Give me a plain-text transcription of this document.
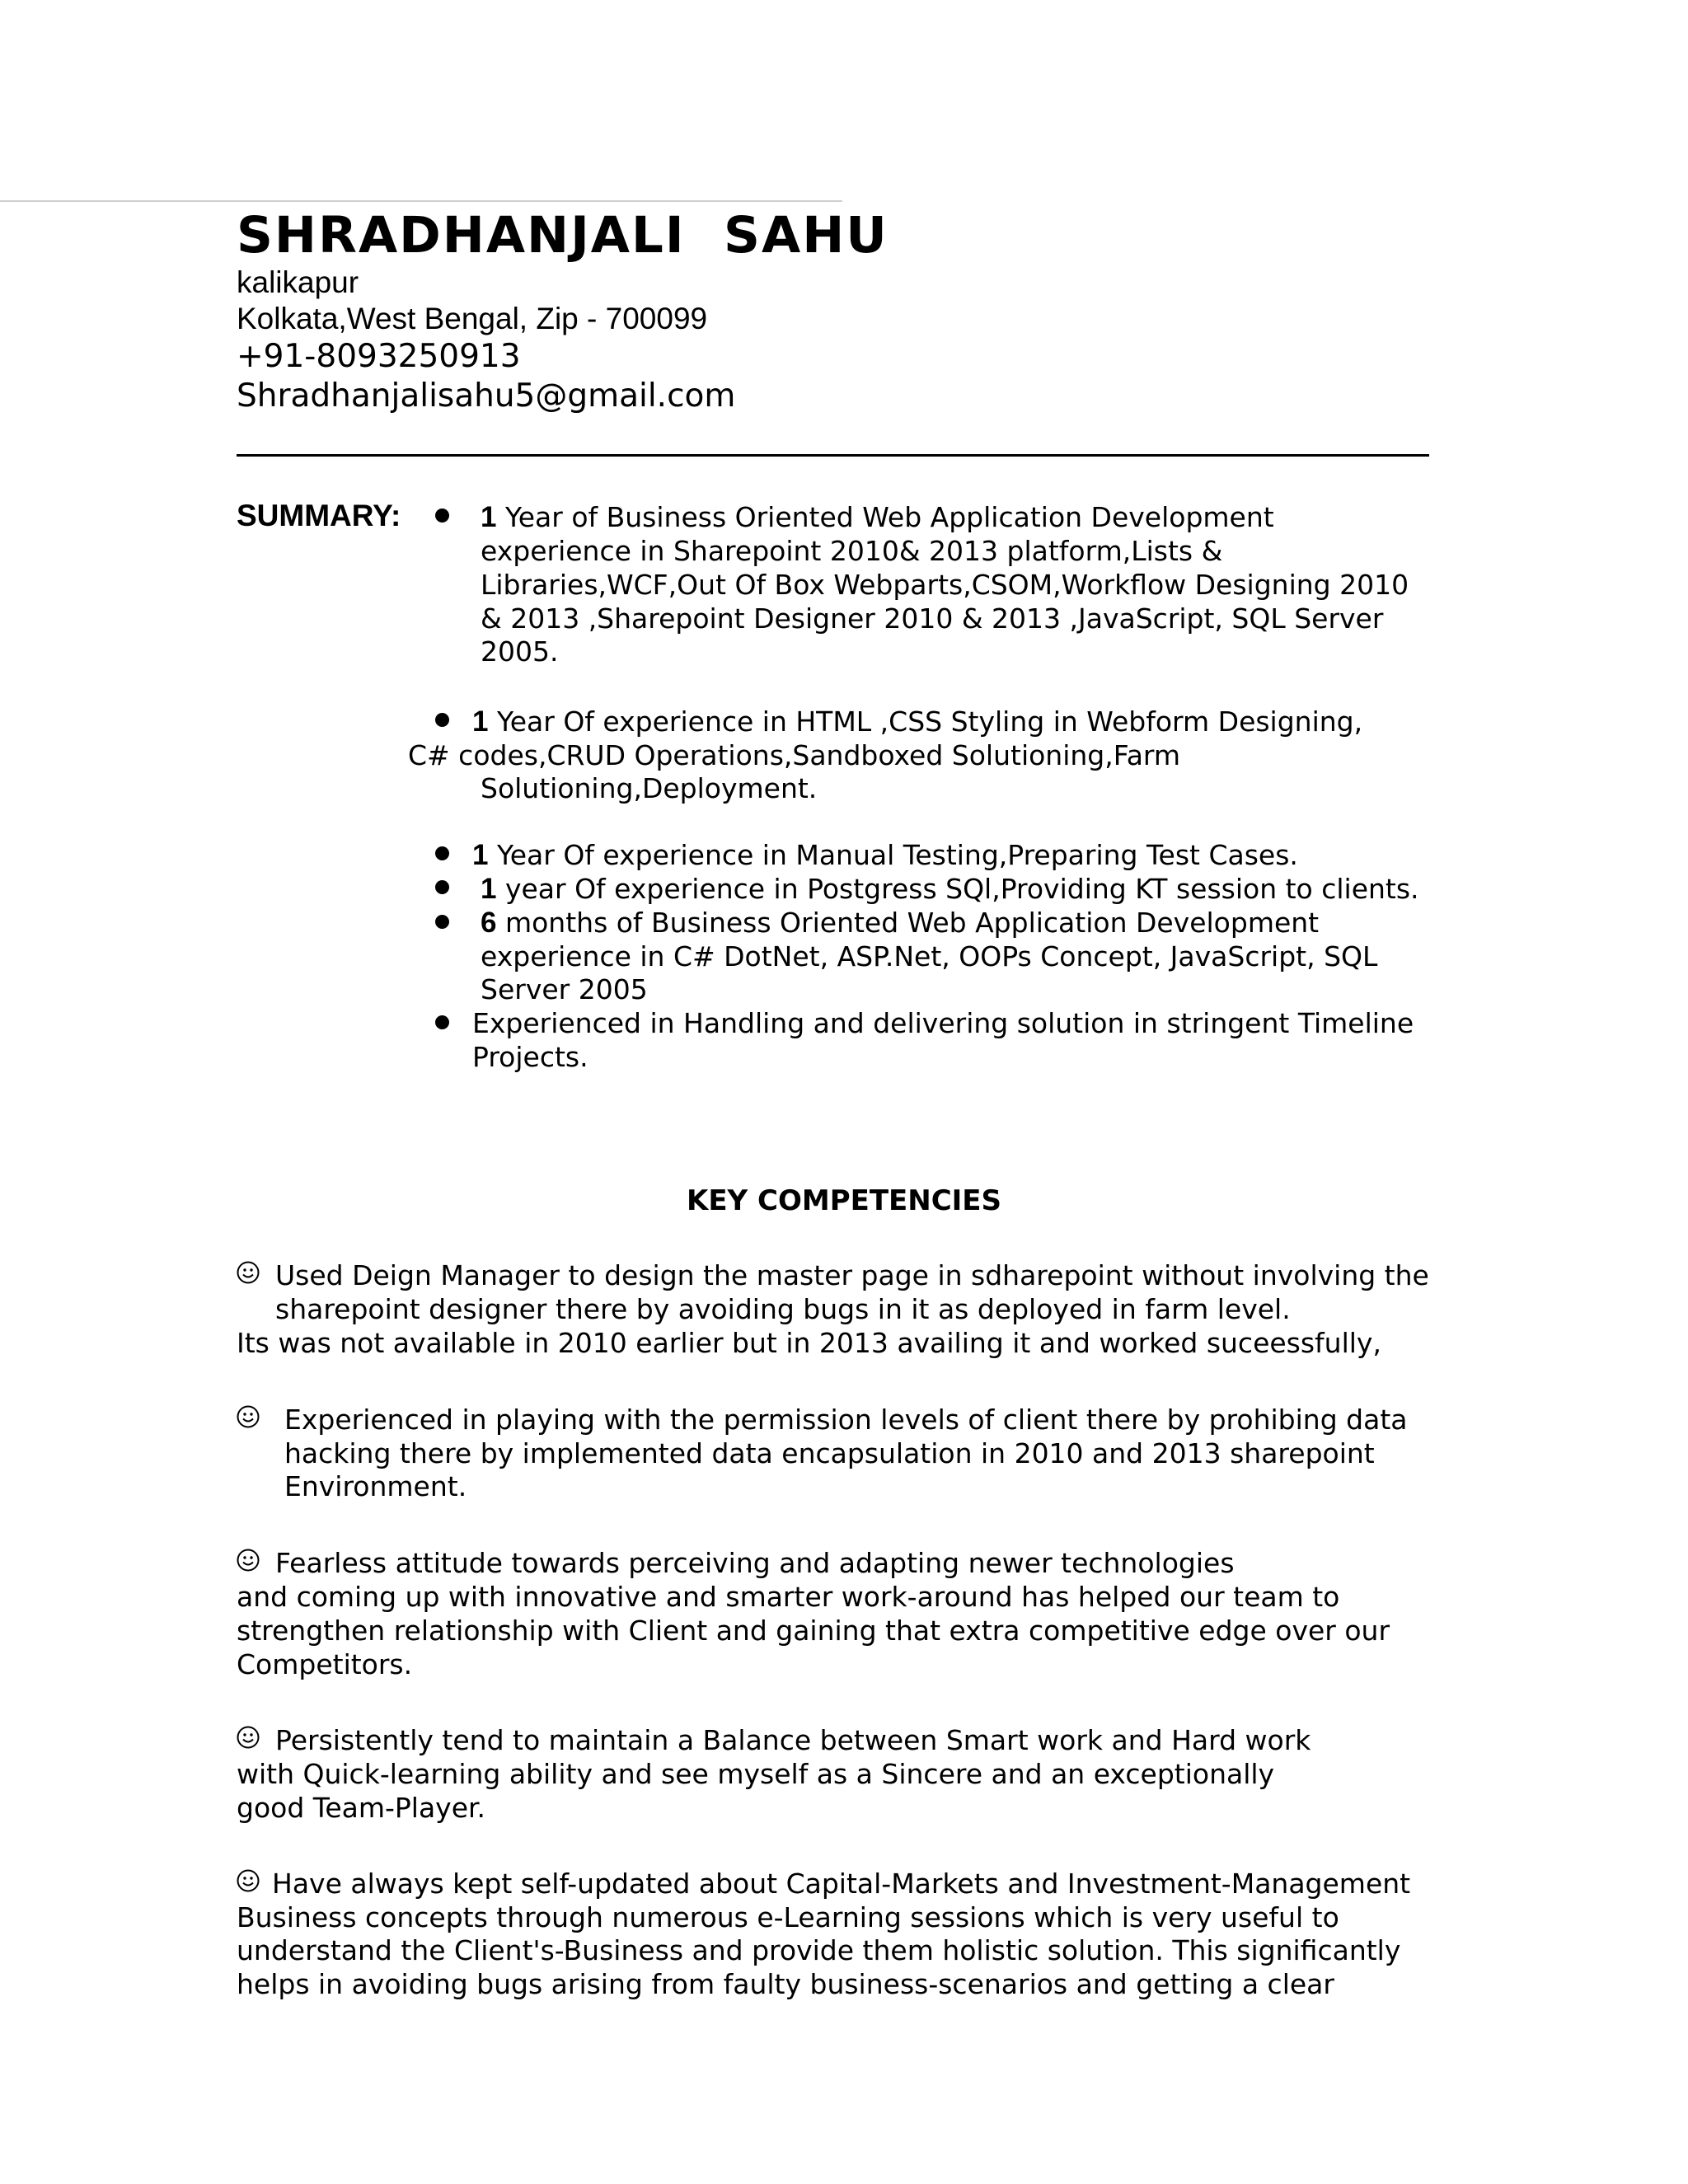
SHRADHANJALI  SAHU
kalikapur
Kolkata,West Bengal, Zip - 700099
+91-8093250913
Shradhanjalisahu5@gmail.com
SUMMARY:	1 Year of Business Oriented Web Application Development
experience in Sharepoint 2010& 2013 platform,Lists &
Libraries,WCF,Out Of Box Webparts,CSOM,Workflow Designing 2010
& 2013 ,Sharepoint Designer 2010 & 2013 ,JavaScript, SQL Server
2005.
1 Year Of experience in HTML ,CSS Styling in Webform Designing,
C# codes,CRUD Operations,Sandboxed Solutioning,Farm
Solutioning,Deployment.
1 Year Of experience in Manual Testing,Preparing Test Cases.
1 year Of experience in Postgress SQl,Providing KT session to clients.
6 months of Business Oriented Web Application Development
experience in C# DotNet, ASP.Net, OOPs Concept, JavaScript, SQL
Server 2005
Experienced in Handling and delivering solution in stringent Timeline
Projects.
KEY COMPETENCIES
Used Deign Manager to design the master page in sdharepoint without involving the
sharepoint designer there by avoiding bugs in it as deployed in farm level.
Its was not available in 2010 earlier but in 2013 availing it and worked suceessfully,
Experienced in playing with the permission levels of client there by prohibing data
hacking there by implemented data encapsulation in 2010 and 2013 sharepoint
Environment.
Fearless attitude towards perceiving and adapting newer technologies
and coming up with innovative and smarter work-around has helped our team to
strengthen relationship with Client and gaining that extra competitive edge over our
Competitors.
Persistently tend to maintain a Balance between Smart work and Hard work
with Quick-learning ability and see myself as a Sincere and an exceptionally
good Team-Player.
Have always kept self-updated about Capital-Markets and Investment-Management
Business concepts through numerous e-Learning sessions which is very useful to
understand the Client's-Business and provide them holistic solution. This significantly
helps in avoiding bugs arising from faulty business-scenarios and getting a clear
